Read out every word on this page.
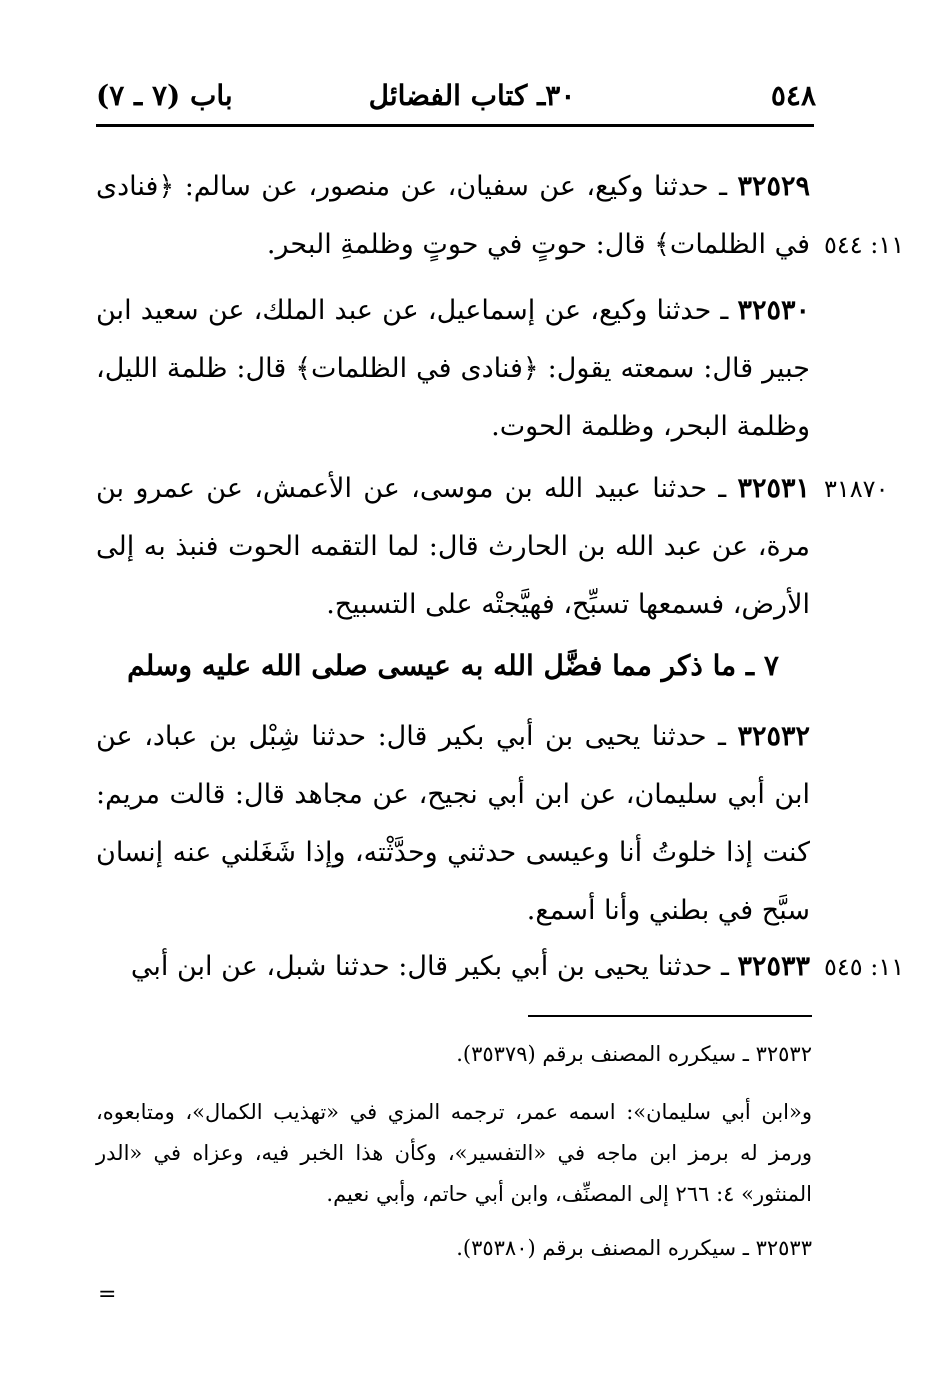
٥٤٨
٣٠ـ كتاب الفضائل
باب (٧ ـ ٧)
٣٢٥٢٩ ـ حدثنا وكيع، عن سفيان، عن منصور، عن سالم: ﴿فنادى في الظلمات﴾ قال: حوتٍ في حوتٍ وظلمةِ البحر. ١١: ٥٤٤
٣٢٥٣٠ ـ حدثنا وكيع، عن إسماعيل، عن عبد الملك، عن سعيد ابن جبير قال: سمعته يقول: ﴿فنادى في الظلمات﴾ قال: ظلمة الليل، وظلمة البحر، وظلمة الحوت.
٣٢٥٣١ ـ حدثنا عبيد الله بن موسى، عن الأعمش، عن عمرو بن مرة، عن عبد الله بن الحارث قال: لما التقمه الحوت فنبذ به إلى الأرض، فسمعها تسبِّح، فهيَّجتْه على التسبيح.
٣١٨٧٠
٧ ـ ما ذكر مما فضَّل الله به عيسى صلى الله عليه وسلم
٣٢٥٣٢ ـ حدثنا يحيى بن أبي بكير قال: حدثنا شِبْل بن عباد، عن ابن أبي سليمان، عن ابن أبي نجيح، عن مجاهد قال: قالت مريم: كنت إذا خلوتُ أنا وعيسى حدثني وحدَّثْته، وإذا شَغَلني عنه إنسان سبَّح في بطني وأنا أسمع.
٣٢٥٣٣ ـ حدثنا يحيى بن أبي بكير قال: حدثنا شبل، عن ابن أبي	١١: ٥٤٥
٣٢٥٣٢ ـ سيكرره المصنف برقم (٣٥٣٧٩).
و«ابن أبي سليمان»: اسمه عمر، ترجمه المزي في «تهذيب الكمال»، ومتابعوه، ورمز له برمز ابن ماجه في «التفسير»، وكأن هذا الخبر فيه، وعزاه في «الدر المنثور» ٤: ٢٦٦ إلى المصنِّف، وابن أبي حاتم، وأبي نعيم.
٣٢٥٣٣ ـ سيكرره المصنف برقم (٣٥٣٨٠).
=
